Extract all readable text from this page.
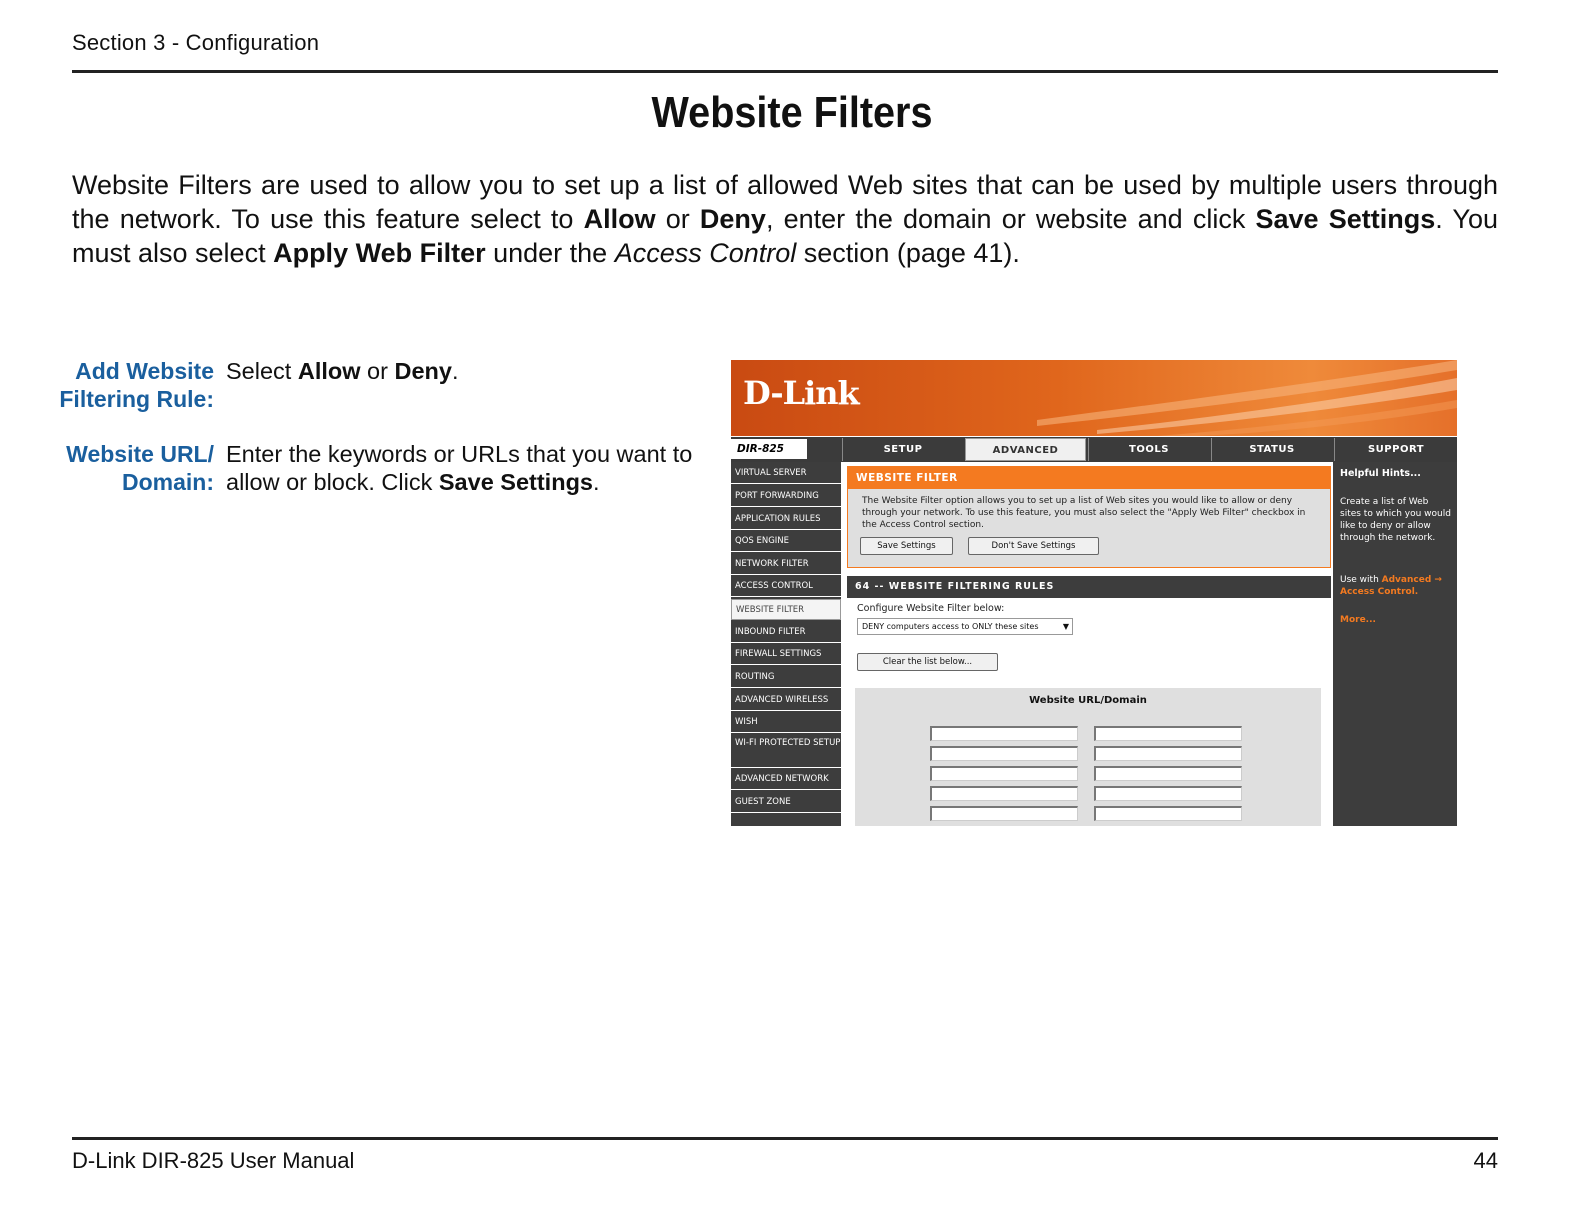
Section 3 - Configuration
Website Filters
Website Filters are used to allow you to set up a list of allowed Web sites that can be used by multiple users through the network. To use this feature select to Allow or Deny, enter the domain or website and click Save Settings. You must also select Apply Web Filter under the Access Control section (page 41).
Add Website
Filtering Rule:
Select Allow or Deny.
Website URL/
Domain:
Enter the keywords or URLs that you want to allow or block. Click Save Settings.
D-Link
DIR-825 //	SETUP	ADVANCED	TOOLS	STATUS	SUPPORT
VIRTUAL SERVER
PORT FORWARDING
APPLICATION RULES
QOS ENGINE
NETWORK FILTER
ACCESS CONTROL
WEBSITE FILTER
INBOUND FILTER
FIREWALL SETTINGS
ROUTING
ADVANCED WIRELESS
WISH
WI-FI PROTECTED SETUP
ADVANCED NETWORK
GUEST ZONE
WEBSITE FILTER
The Website Filter option allows you to set up a list of Web sites you would like to allow or deny through your network. To use this feature, you must also select the "Apply Web Filter" checkbox in the Access Control section.
Save Settings	Don't Save Settings
64 -- WEBSITE FILTERING RULES
Configure Website Filter below:
DENY computers access to ONLY these sites	▼
Clear the list below...
Website URL/Domain
Helpful Hints...
Create a list of Web sites to which you would like to deny or allow through the network.
Use with Advanced → Access Control.
More...
D-Link DIR-825 User Manual	44
